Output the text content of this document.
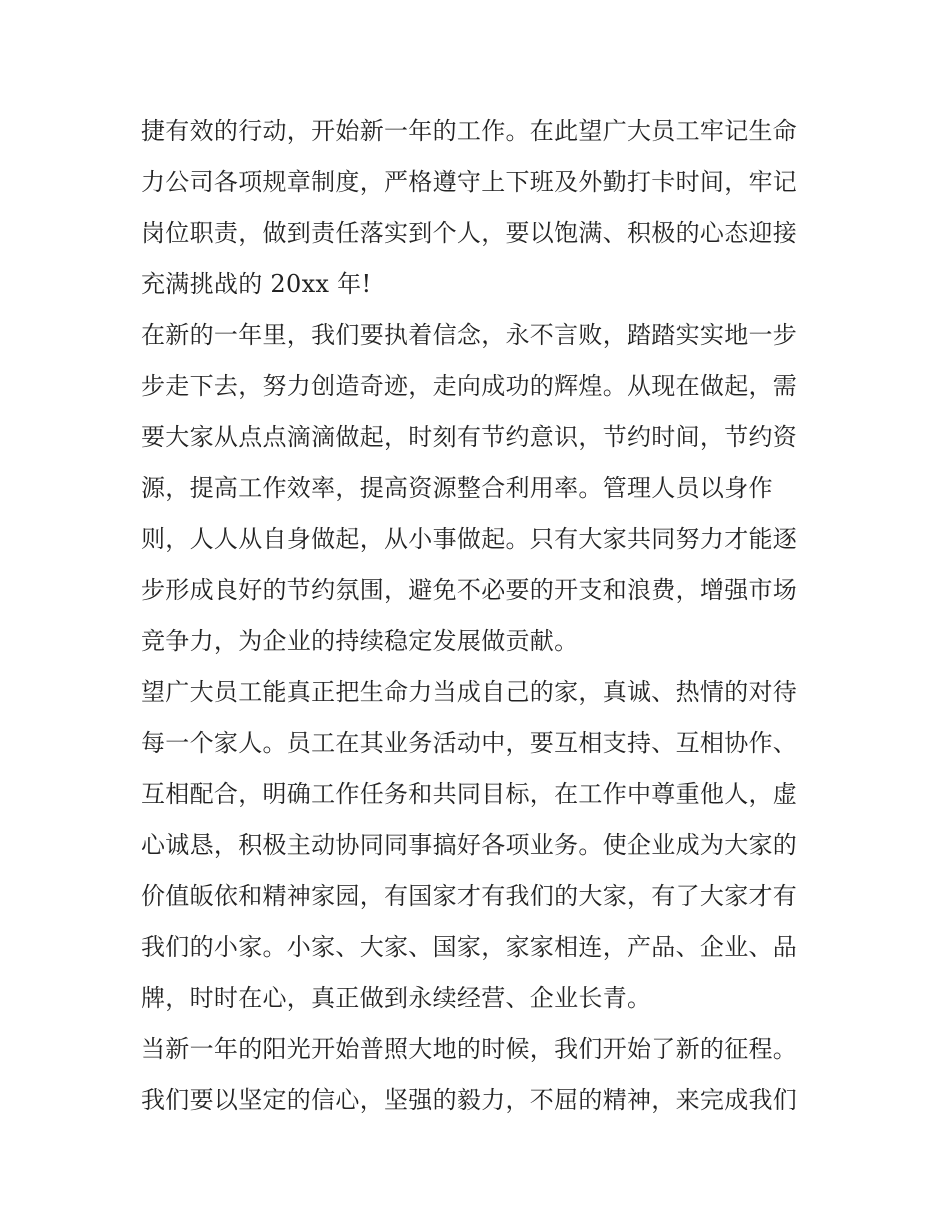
捷有效的行动，开始新一年的工作。在此望广大员工牢记生命
力公司各项规章制度，严格遵守上下班及外勤打卡时间，牢记
岗位职责，做到责任落实到个人，要以饱满、积极的心态迎接
充满挑战的 20xx 年!
在新的一年里，我们要执着信念，永不言败，踏踏实实地一步
步走下去，努力创造奇迹，走向成功的辉煌。从现在做起，需
要大家从点点滴滴做起，时刻有节约意识，节约时间，节约资
源，提高工作效率，提高资源整合利用率。管理人员以身作
则，人人从自身做起，从小事做起。只有大家共同努力才能逐
步形成良好的节约氛围，避免不必要的开支和浪费，增强市场
竞争力，为企业的持续稳定发展做贡献。
望广大员工能真正把生命力当成自己的家，真诚、热情的对待
每一个家人。员工在其业务活动中，要互相支持、互相协作、
互相配合，明确工作任务和共同目标，在工作中尊重他人，虚
心诚恳，积极主动协同同事搞好各项业务。使企业成为大家的
价值皈依和精神家园，有国家才有我们的大家，有了大家才有
我们的小家。小家、大家、国家，家家相连，产品、企业、品
牌，时时在心，真正做到永续经营、企业长青。
当新一年的阳光开始普照大地的时候，我们开始了新的征程。
我们要以坚定的信心，坚强的毅力，不屈的精神，来完成我们
